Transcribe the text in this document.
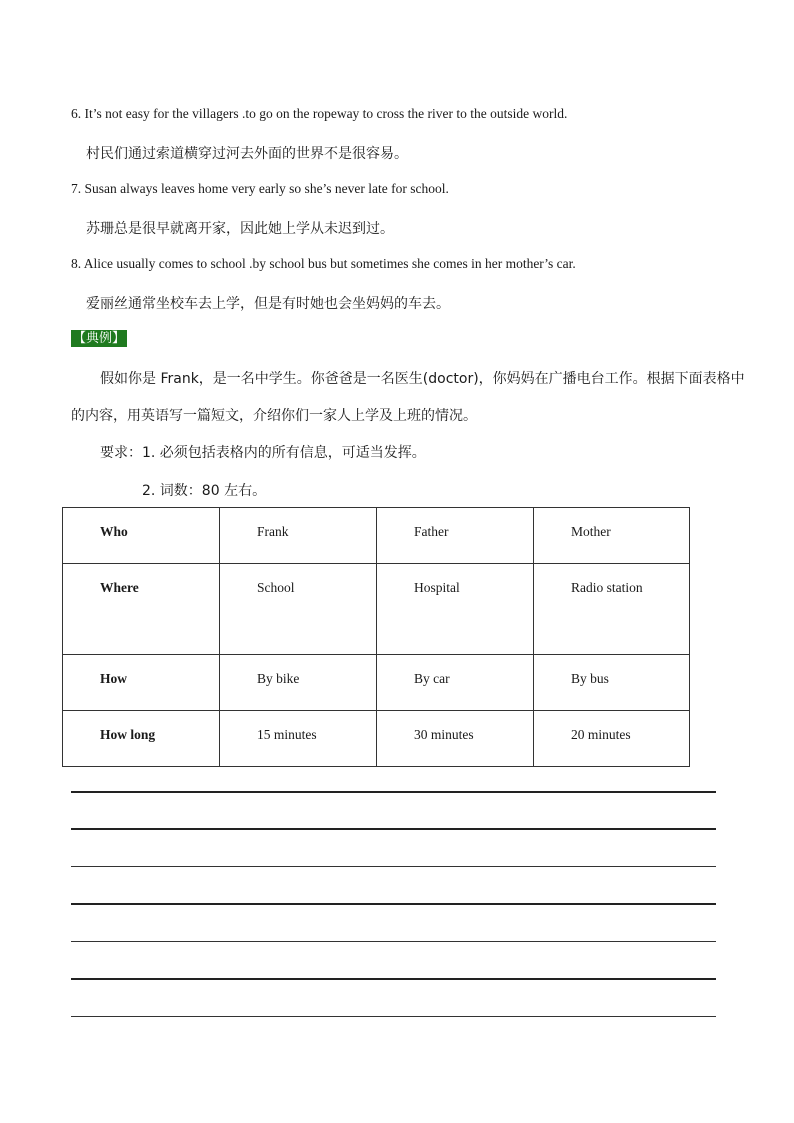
6. It’s not easy for the villagers .to go on the ropeway to cross the river to the outside world.
村民们通过索道横穿过河去外面的世界不是很容易。
7. Susan always leaves home very early so she’s never late for school.
苏珊总是很早就离开家，因此她上学从未迟到过。
8. Alice usually comes to school .by school bus but sometimes she comes in her mother’s car.
爱丽丝通常坐校车去上学，但是有时她也会坐妈妈的车去。
【典例】
假如你是 Frank，是一名中学生。你爸爸是一名医生(doctor)，你妈妈在广播电台工作。根据下面表格中
的内容，用英语写一篇短文，介绍你们一家人上学及上班的情况。
要求：1. 必须包括表格内的所有信息，可适当发挥。
2. 词数：80 左右。
Who	Frank	Father	Mother
Where	School	Hospital	Radio station
How	By bike	By car	By bus
How long	15 minutes	30 minutes	20 minutes
